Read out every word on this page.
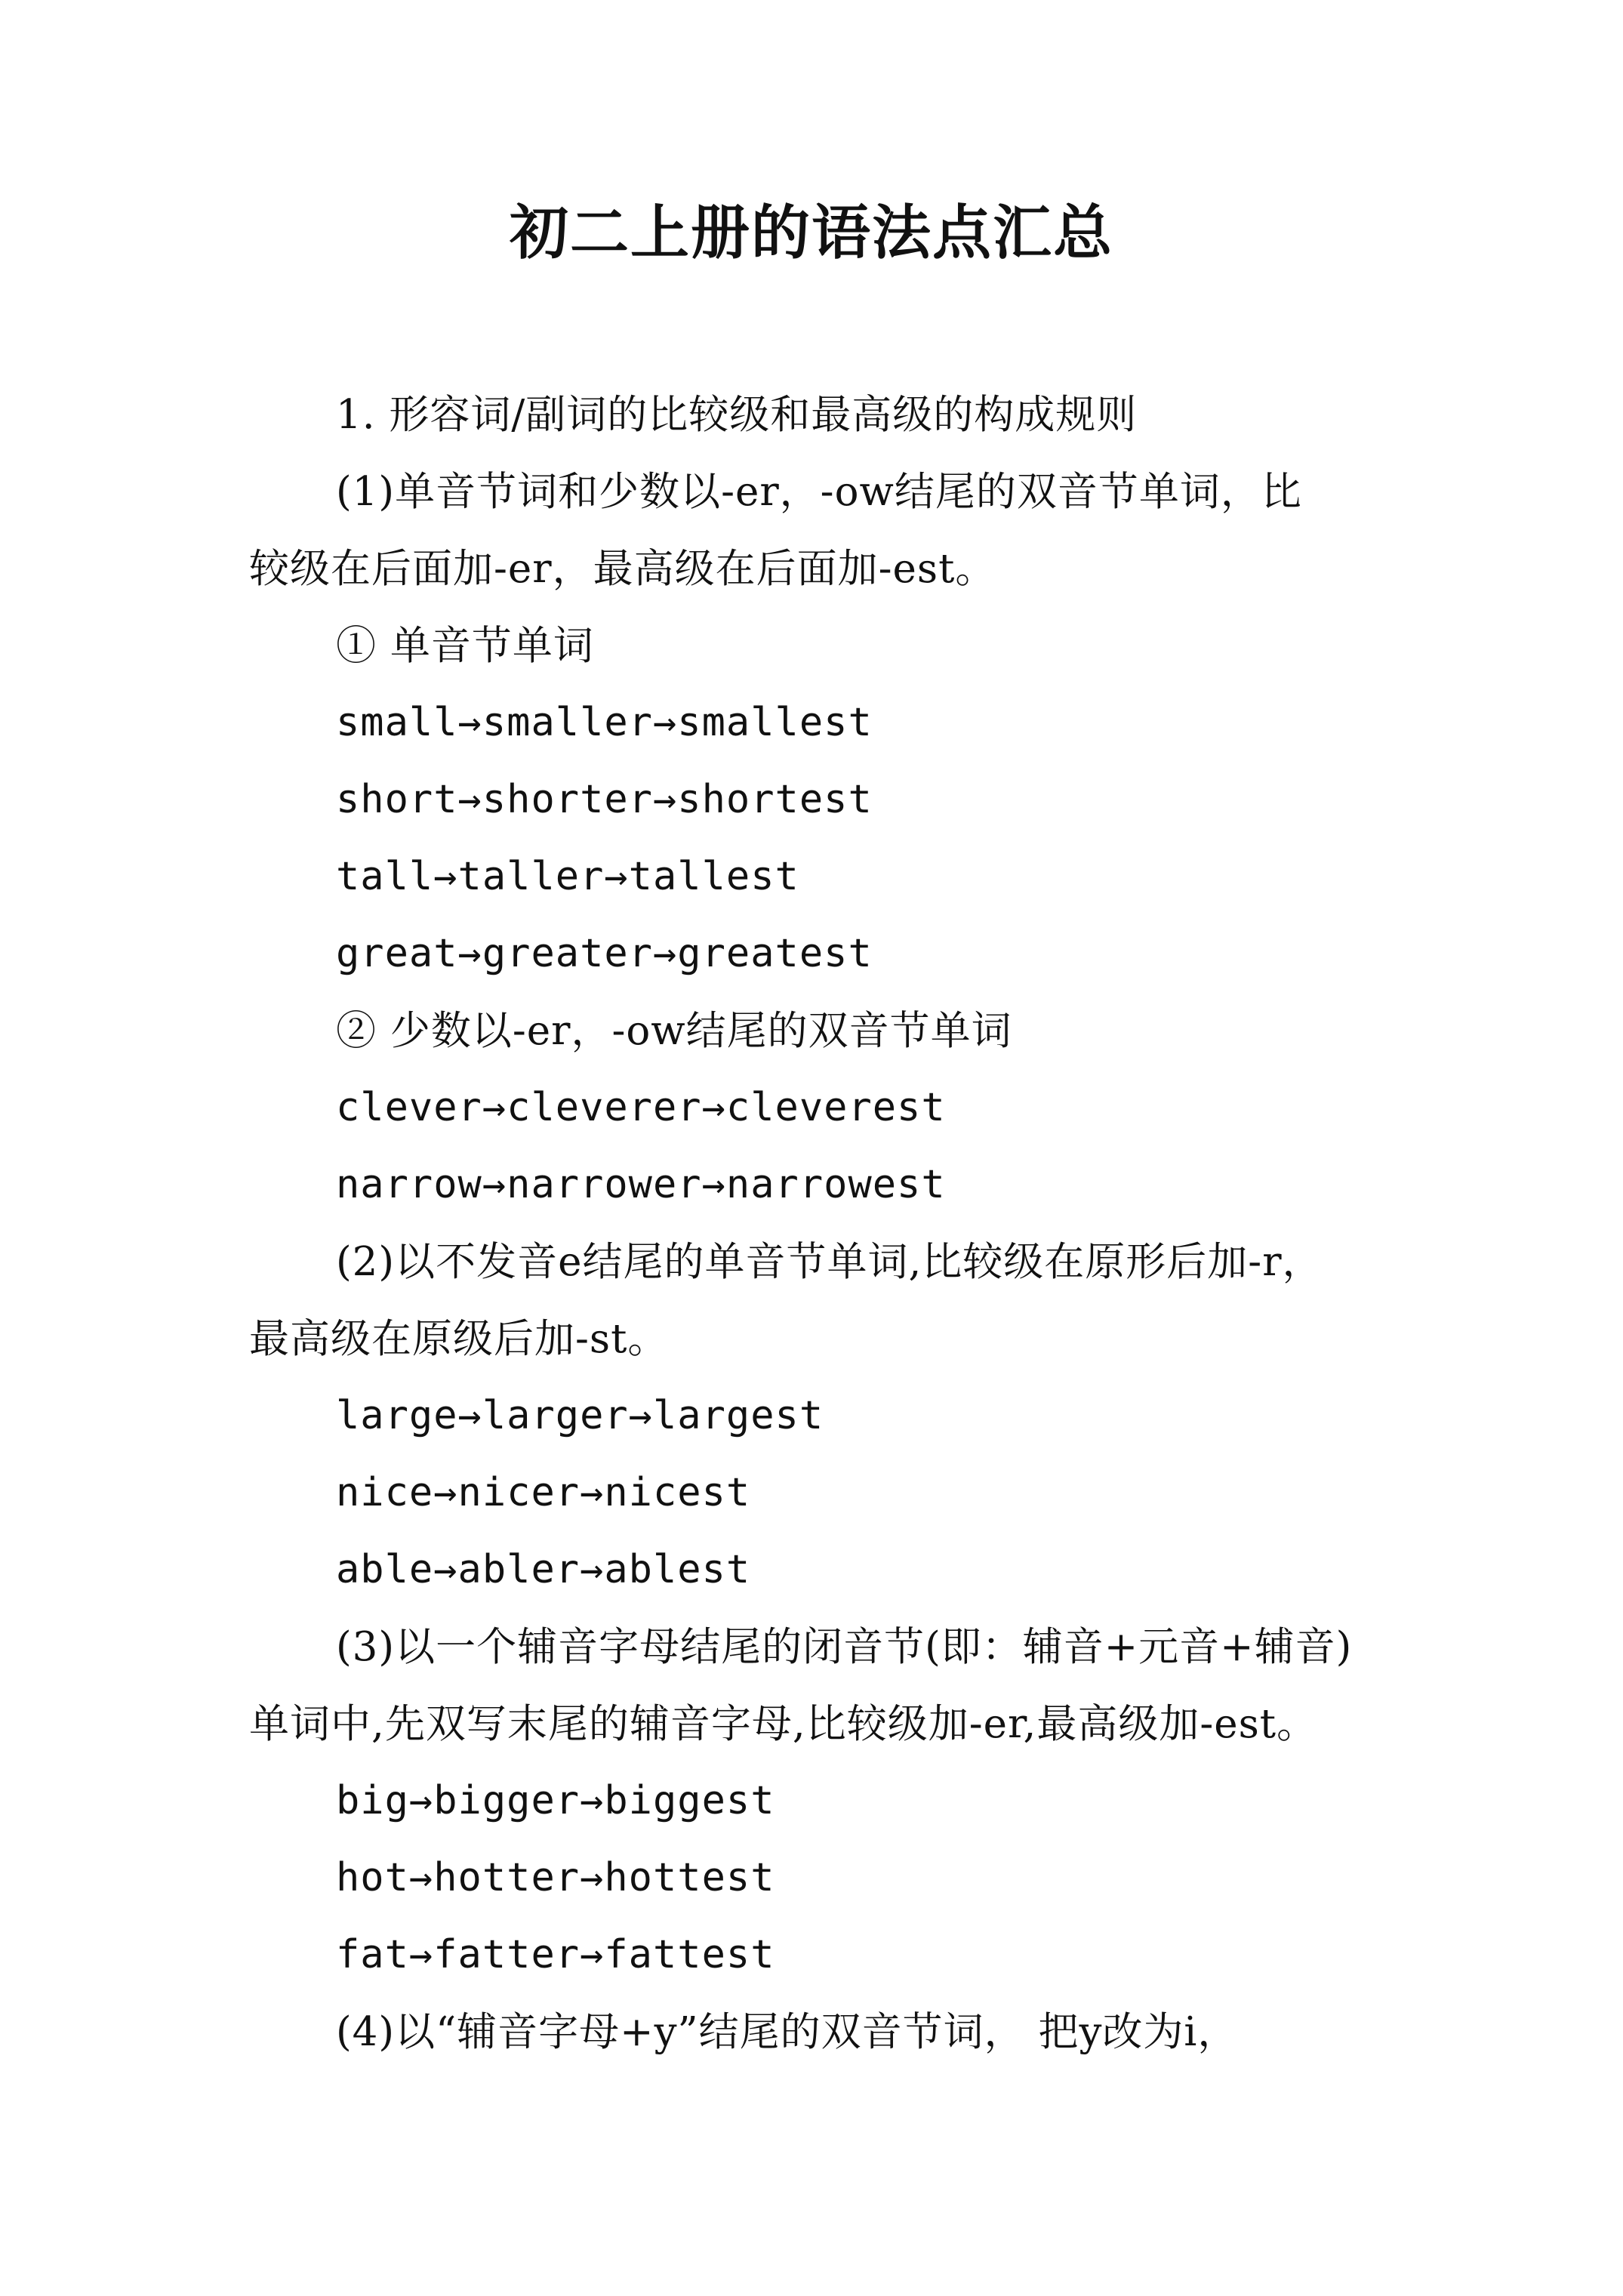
初二上册的语法点汇总
1. 形容词/副词的比较级和最高级的构成规则
(1)单音节词和少数以-er，-ow结尾的双音节单词，比
较级在后面加-er，最高级在后面加-est。
① 单音节单词
small→smaller→smallest
short→shorter→shortest
tall→taller→tallest
great→greater→greatest
② 少数以-er，-ow结尾的双音节单词
clever→cleverer→cleverest
narrow→narrower→narrowest
(2)以不发音e结尾的单音节单词,比较级在原形后加-r，
最高级在原级后加-st。
large→larger→largest
nice→nicer→nicest
able→abler→ablest
(3)以一个辅音字母结尾的闭音节(即：辅音+元音+辅音)
单词中,先双写末尾的辅音字母,比较级加-er,最高级加-est。
big→bigger→biggest
hot→hotter→hottest
fat→fatter→fattest
(4)以“辅音字母+y”结尾的双音节词， 把y改为i，
